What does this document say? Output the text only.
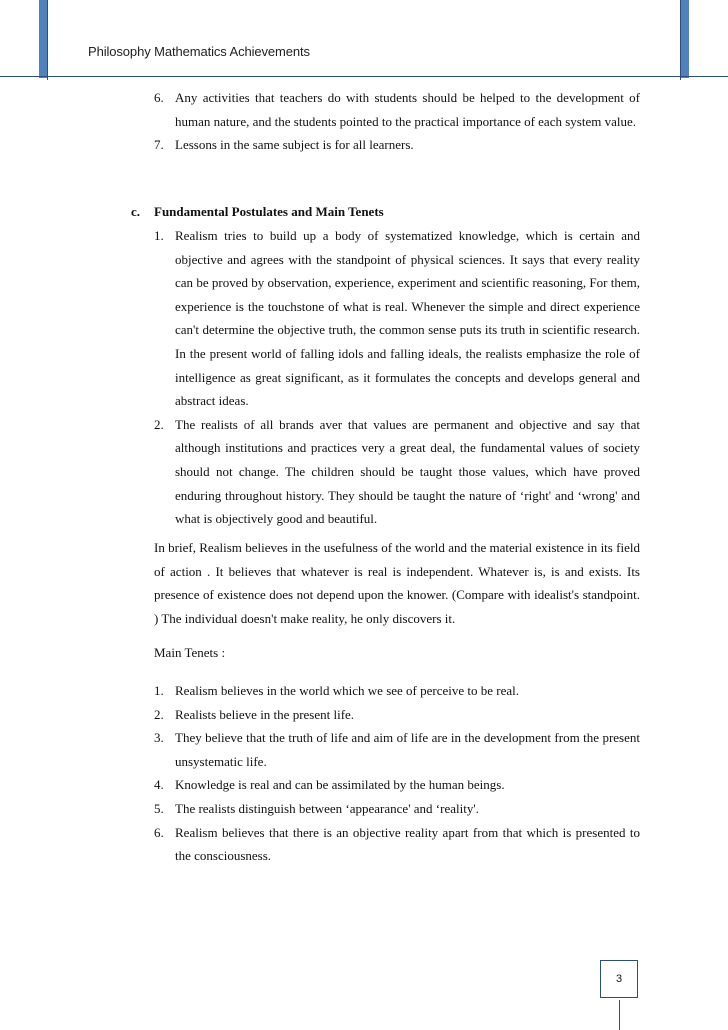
Philosophy Mathematics Achievements
6. Any activities that teachers do with students should be helped to the development of human nature, and the students pointed to the practical importance of each system value.
7. Lessons in the same subject is for all learners.
c. Fundamental Postulates and Main Tenets
1. Realism tries to build up a body of systematized knowledge, which is certain and objective and agrees with the standpoint of physical sciences. It says that every reality can be proved by observation, experience, experiment and scientific reasoning, For them, experience is the touchstone of what is real. Whenever the simple and direct experience can't determine the objective truth, the common sense puts its truth in scientific research. In the present world of falling idols and falling ideals, the realists emphasize the role of intelligence as great significant, as it formulates the concepts and develops general and abstract ideas.
2. The realists of all brands aver that values are permanent and objective and say that although institutions and practices very a great deal, the fundamental values of society should not change. The children should be taught those values, which have proved enduring throughout history. They should be taught the nature of ‘right' and ‘wrong' and what is objectively good and beautiful.

In brief, Realism believes in the usefulness of the world and the material existence in its field of action . It believes that whatever is real is independent. Whatever is, is and exists. Its presence of existence does not depend upon the knower. (Compare with idealist's standpoint. ) The individual doesn't make reality, he only discovers it.

Main Tenets :
1. Realism believes in the world which we see of perceive to be real.
2. Realists believe in the present life.
3. They believe that the truth of life and aim of life are in the development from the present unsystematic life.
4. Knowledge is real and can be assimilated by the human beings.
5. The realists distinguish between ‘appearance' and ‘reality'.
6. Realism believes that there is an objective reality apart from that which is presented to the consciousness.
3
